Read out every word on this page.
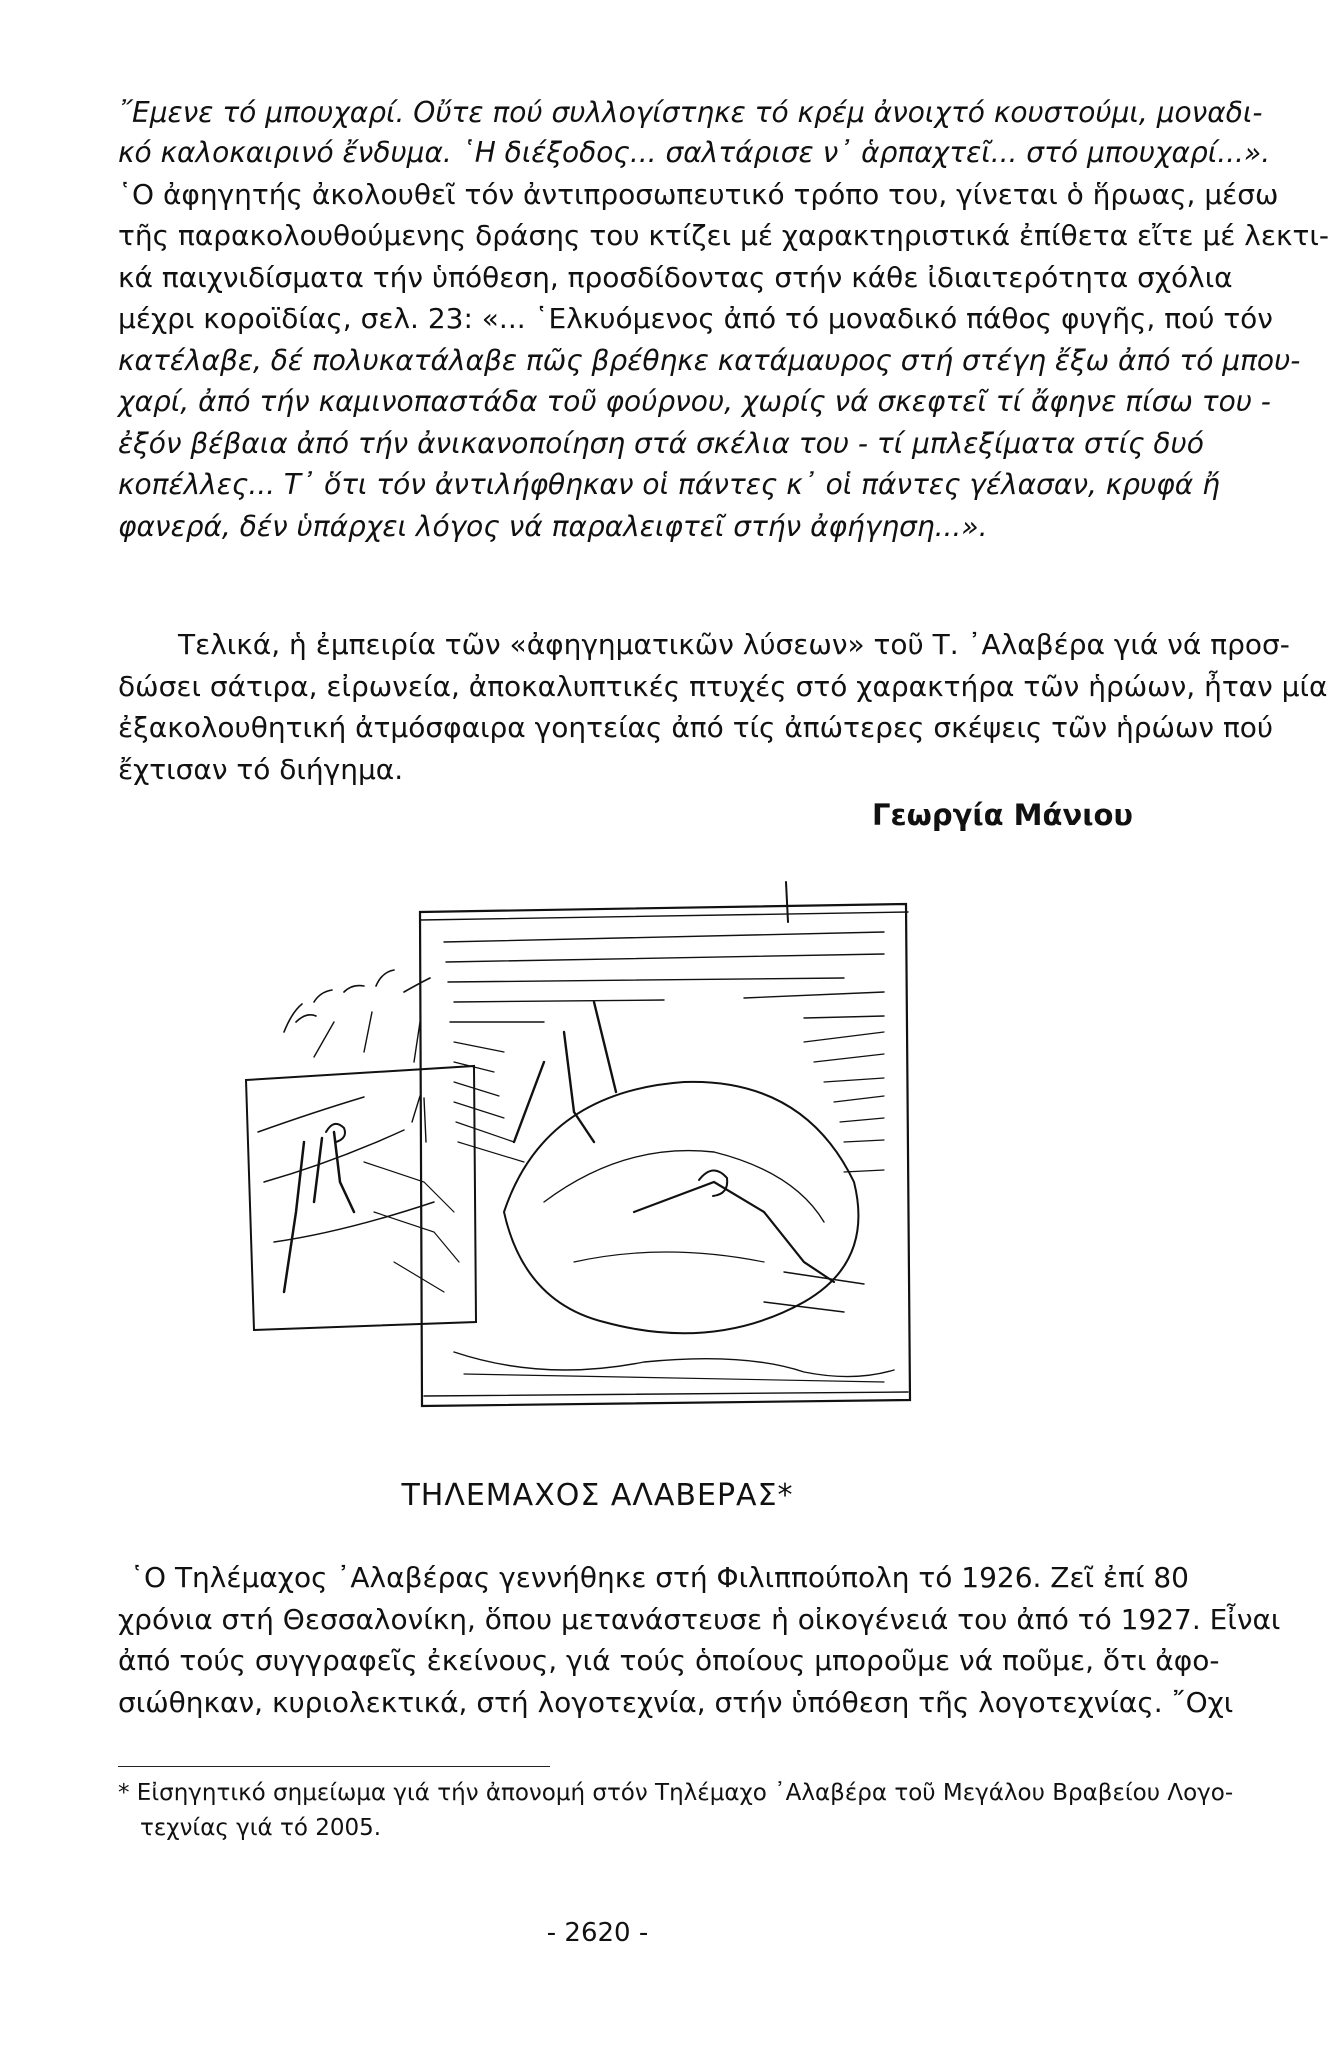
῎Εμενε τό μπουχαρί. Οὔτε πού συλλογίστηκε τό κρέμ ἀνοιχτό κουστούμι, μοναδι-
κό καλοκαιρινό ἔνδυμα. ῾Η διέξοδος... σαλτάρισε ν᾿ ἁρπαχτεῖ... στό μπουχαρί...».
῾Ο ἀφηγητής ἀκολουθεῖ τόν ἀντιπροσωπευτικό τρόπο του, γίνεται ὁ ἥρωας, μέσω
τῆς παρακολουθούμενης δράσης του κτίζει μέ χαρακτηριστικά ἐπίθετα εἴτε μέ λεκτι-
κά παιχνιδίσματα τήν ὑπόθεση, προσδίδοντας στήν κάθε ἰδιαιτερότητα σχόλια
μέχρι κοροϊδίας, σελ. 23: «... ῾Ελκυόμενος ἀπό τό μοναδικό πάθος φυγῆς, πού τόν
κατέλαβε, δέ πολυκατάλαβε πῶς βρέθηκε κατάμαυρος στή στέγη ἔξω ἀπό τό μπου-
χαρί, ἀπό τήν καμινοπαστάδα τοῦ φούρνου, χωρίς νά σκεφτεῖ τί ἄφηνε πίσω του -
ἐξόν βέβαια ἀπό τήν ἀνικανοποίηση στά σκέλια του - τί μπλεξίματα στίς δυό
κοπέλλες... Τ᾿ ὅτι τόν ἀντιλήφθηκαν οἱ πάντες κ᾿ οἱ πάντες γέλασαν, κρυφά ἤ
φανερά, δέν ὑπάρχει λόγος νά παραλειφτεῖ στήν ἀφήγηση...».
Τελικά, ἡ ἐμπειρία τῶν «ἀφηγηματικῶν λύσεων» τοῦ Τ. ᾿Αλαβέρα γιά νά προσ-
δώσει σάτιρα, εἰρωνεία, ἀποκαλυπτικές πτυχές στό χαρακτήρα τῶν ἡρώων, ἦταν μία
ἐξακολουθητική ἀτμόσφαιρα γοητείας ἀπό τίς ἀπώτερες σκέψεις τῶν ἡρώων πού
ἔχτισαν τό διήγημα.
Γεωργία Μάνιου
ΤΗΛΕΜΑΧΟΣ ΑΛΑΒΕΡΑΣ*
῾Ο Τηλέμαχος ᾿Αλαβέρας γεννήθηκε στή Φιλιππούπολη τό 1926. Ζεῖ ἐπί 80
χρόνια στή Θεσσαλονίκη, ὅπου μετανάστευσε ἡ οἰκογένειά του ἀπό τό 1927. Εἶναι
ἀπό τούς συγγραφεῖς ἐκείνους, γιά τούς ὁποίους μποροῦμε νά ποῦμε, ὅτι ἀφο-
σιώθηκαν, κυριολεκτικά, στή λογοτεχνία, στήν ὑπόθεση τῆς λογοτεχνίας. ῎Οχι
* Εἰσηγητικό σημείωμα γιά τήν ἀπονομή στόν Τηλέμαχο ᾿Αλαβέρα τοῦ Μεγάλου Βραβείου Λογο-
τεχνίας γιά τό 2005.
- 2620 -
